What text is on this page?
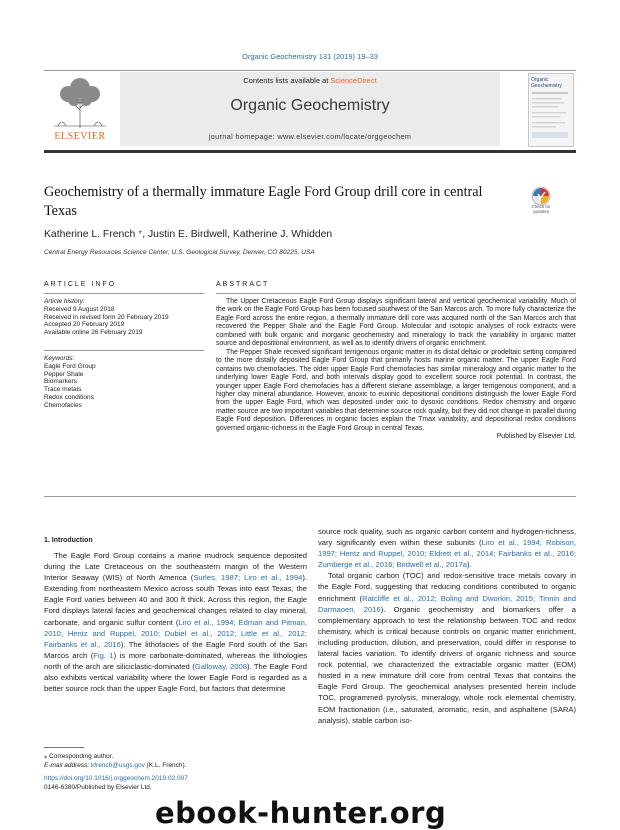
Organic Geochemistry 131 (2019) 19–33
ELSEVIER
Contents lists available at ScienceDirect
Organic Geochemistry
journal homepage: www.elsevier.com/locate/orggeochem
Organic Geochemistry
Geochemistry of a thermally immature Eagle Ford Group drill core in central Texas	Check for updates
Katherine L. French *, Justin E. Birdwell, Katherine J. Whidden
Central Energy Resources Science Center, U.S. Geological Survey, Denver, CO 80225, USA
ARTICLE INFO	ABSTRACT
Article history:
Received 9 August 2018
Received in revised form 20 February 2019
Accepted 20 February 2019
Available online 26 February 2019
Keywords:
Eagle Ford Group
Pepper Shale
Biomarkers
Trace metals
Redox conditions
Chemofacies

The Upper Cretaceous Eagle Ford Group displays significant lateral and vertical geochemical variability. Much of the work on the Eagle Ford Group has been focused southwest of the San Marcos arch. To more fully characterize the Eagle Ford across the entire region, a thermally immature drill core was acquired north of the San Marcos arch that recovered the Pepper Shale and the Eagle Ford Group. Molecular and isotopic analyses of rock extracts were combined with bulk organic and inorganic geochemistry and mineralogy to track the variability in organic matter source and depositional environment, as well as to identify drivers of organic enrichment.

The Pepper Shale received significant terrigenous organic matter in its distal deltaic or prodeltaic setting compared to the more distally deposited Eagle Ford Group that primarily hosts marine organic matter. The upper Eagle Ford contains two chemofacies. The older upper Eagle Ford chemofacies has similar mineralogy and organic matter to the underlying lower Eagle Ford, and both intervals display good to excellent source rock potential. In contrast, the younger upper Eagle Ford chemofacies has a different sterane assemblage, a larger terrigenous component, and a higher clay mineral abundance. However, anoxic to euxinic depositional conditions distinguish the lower Eagle Ford from the upper Eagle Ford, which was deposited under oxic to dysoxic conditions. Redox chemistry and organic matter source are two important variables that determine source rock quality, but they did not change in parallel during Eagle Ford deposition. Differences in organic facies explain the Tmax variability, and depositional redox conditions governed organic-richness in the Eagle Ford Group in central Texas.

Published by Elsevier Ltd.

1. Introduction

The Eagle Ford Group contains a marine mudrock sequence deposited during the Late Cretaceous on the southeastern margin of the Western Interior Seaway (WIS) of North America (Surles, 1987; Liro et al., 1994). Extending from northeastern Mexico across south Texas into east Texas, the Eagle Ford varies between 40 and 300 ft thick. Across this region, the Eagle Ford displays lateral facies and geochemical changes related to clay mineral, carbonate, and organic sulfur content (Liro et al., 1994; Edman and Pitman, 2010; Hentz and Ruppel, 2010; Dubiel et al., 2012; Little et al., 2012; Fairbanks et al., 2016). The lithofacies of the Eagle Ford south of the San Marcos arch (Fig. 1) is more carbonate-dominated, whereas the lithologies north of the arch are siliciclastic-dominated (Galloway, 2008). The Eagle Ford also exhibits vertical variability where the lower Eagle Ford is regarded as a better source rock than the upper Eagle Ford, but factors that determine

source rock quality, such as organic carbon content and hydrogen-richness, vary significantly even within these subunits (Liro et al., 1994; Robison, 1997; Hentz and Ruppel, 2010; Eldrett et al., 2014; Fairbanks et al., 2016; Zumberge et al., 2016; Birdwell et al., 2017a).

Total organic carbon (TOC) and redox-sensitive trace metals covary in the Eagle Ford, suggesting that reducing conditions contributed to organic enrichment (Ratcliffe et al., 2012; Boling and Dworkin, 2015; Tinnin and Darmaoen, 2016). Organic geochemistry and biomarkers offer a complementary approach to test the relationship between TOC and redox chemistry, which is critical because controls on organic matter enrichment, including production, dilution, and preservation, could differ in response to lateral facies variation. To identify drivers of organic richness and source rock potential, we characterized the extractable organic matter (EOM) hosted in a new immature drill core from central Texas that contains the Eagle Ford Group. The geochemical analyses presented herein include TOC, programmed pyrolysis, mineralogy, whole rock elemental chemistry, EOM fractionation (i.e., saturated, aromatic, resin, and asphaltene (SARA) analysis), stable carbon iso-

⁎ Corresponding author.
E-mail address: kfrench@usgs.gov (K.L. French).
https://doi.org/10.1016/j.orggeochem.2019.02.007
0146-6380/Published by Elsevier Ltd.
ebook-hunter.org
